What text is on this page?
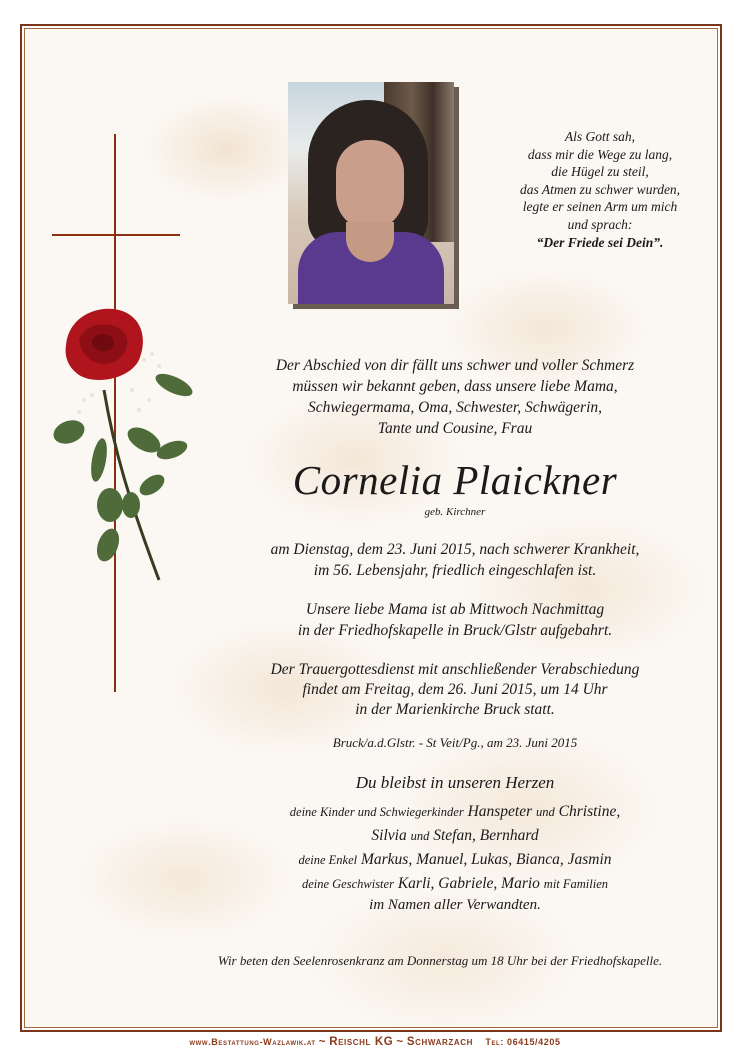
Als Gott sah,
dass mir die Wege zu lang,
die Hügel zu steil,
das Atmen zu schwer wurden,
legte er seinen Arm um mich
und sprach:
“Der Friede sei Dein”.
Der Abschied von dir fällt uns schwer und voller Schmerz
müssen wir bekannt geben, dass unsere liebe Mama,
Schwiegermama, Oma, Schwester, Schwägerin,
Tante und Cousine, Frau
Cornelia Plaickner
geb. Kirchner
am Dienstag, dem 23. Juni 2015, nach schwerer Krankheit,
im 56. Lebensjahr, friedlich eingeschlafen ist.
Unsere liebe Mama ist ab Mittwoch Nachmittag
in der Friedhofskapelle in Bruck/Glstr aufgebahrt.
Der Trauergottesdienst mit anschließender Verabschiedung
findet am Freitag, dem 26. Juni 2015, um 14 Uhr
in der Marienkirche Bruck statt.
Bruck/a.d.Glstr. - St Veit/Pg., am 23. Juni 2015
Du bleibst in unseren Herzen
deine Kinder und Schwiegerkinder Hanspeter und Christine,
Silvia und Stefan, Bernhard
deine Enkel Markus, Manuel, Lukas, Bianca, Jasmin
deine Geschwister Karli, Gabriele, Mario mit Familien
im Namen aller Verwandten.
Wir beten den Seelenrosenkranz am Donnerstag um 18 Uhr bei der Friedhofskapelle.
www.Bestattung-Wazlawik.at ~ Reischl KG ~ Schwarzach Tel: 06415/4205
